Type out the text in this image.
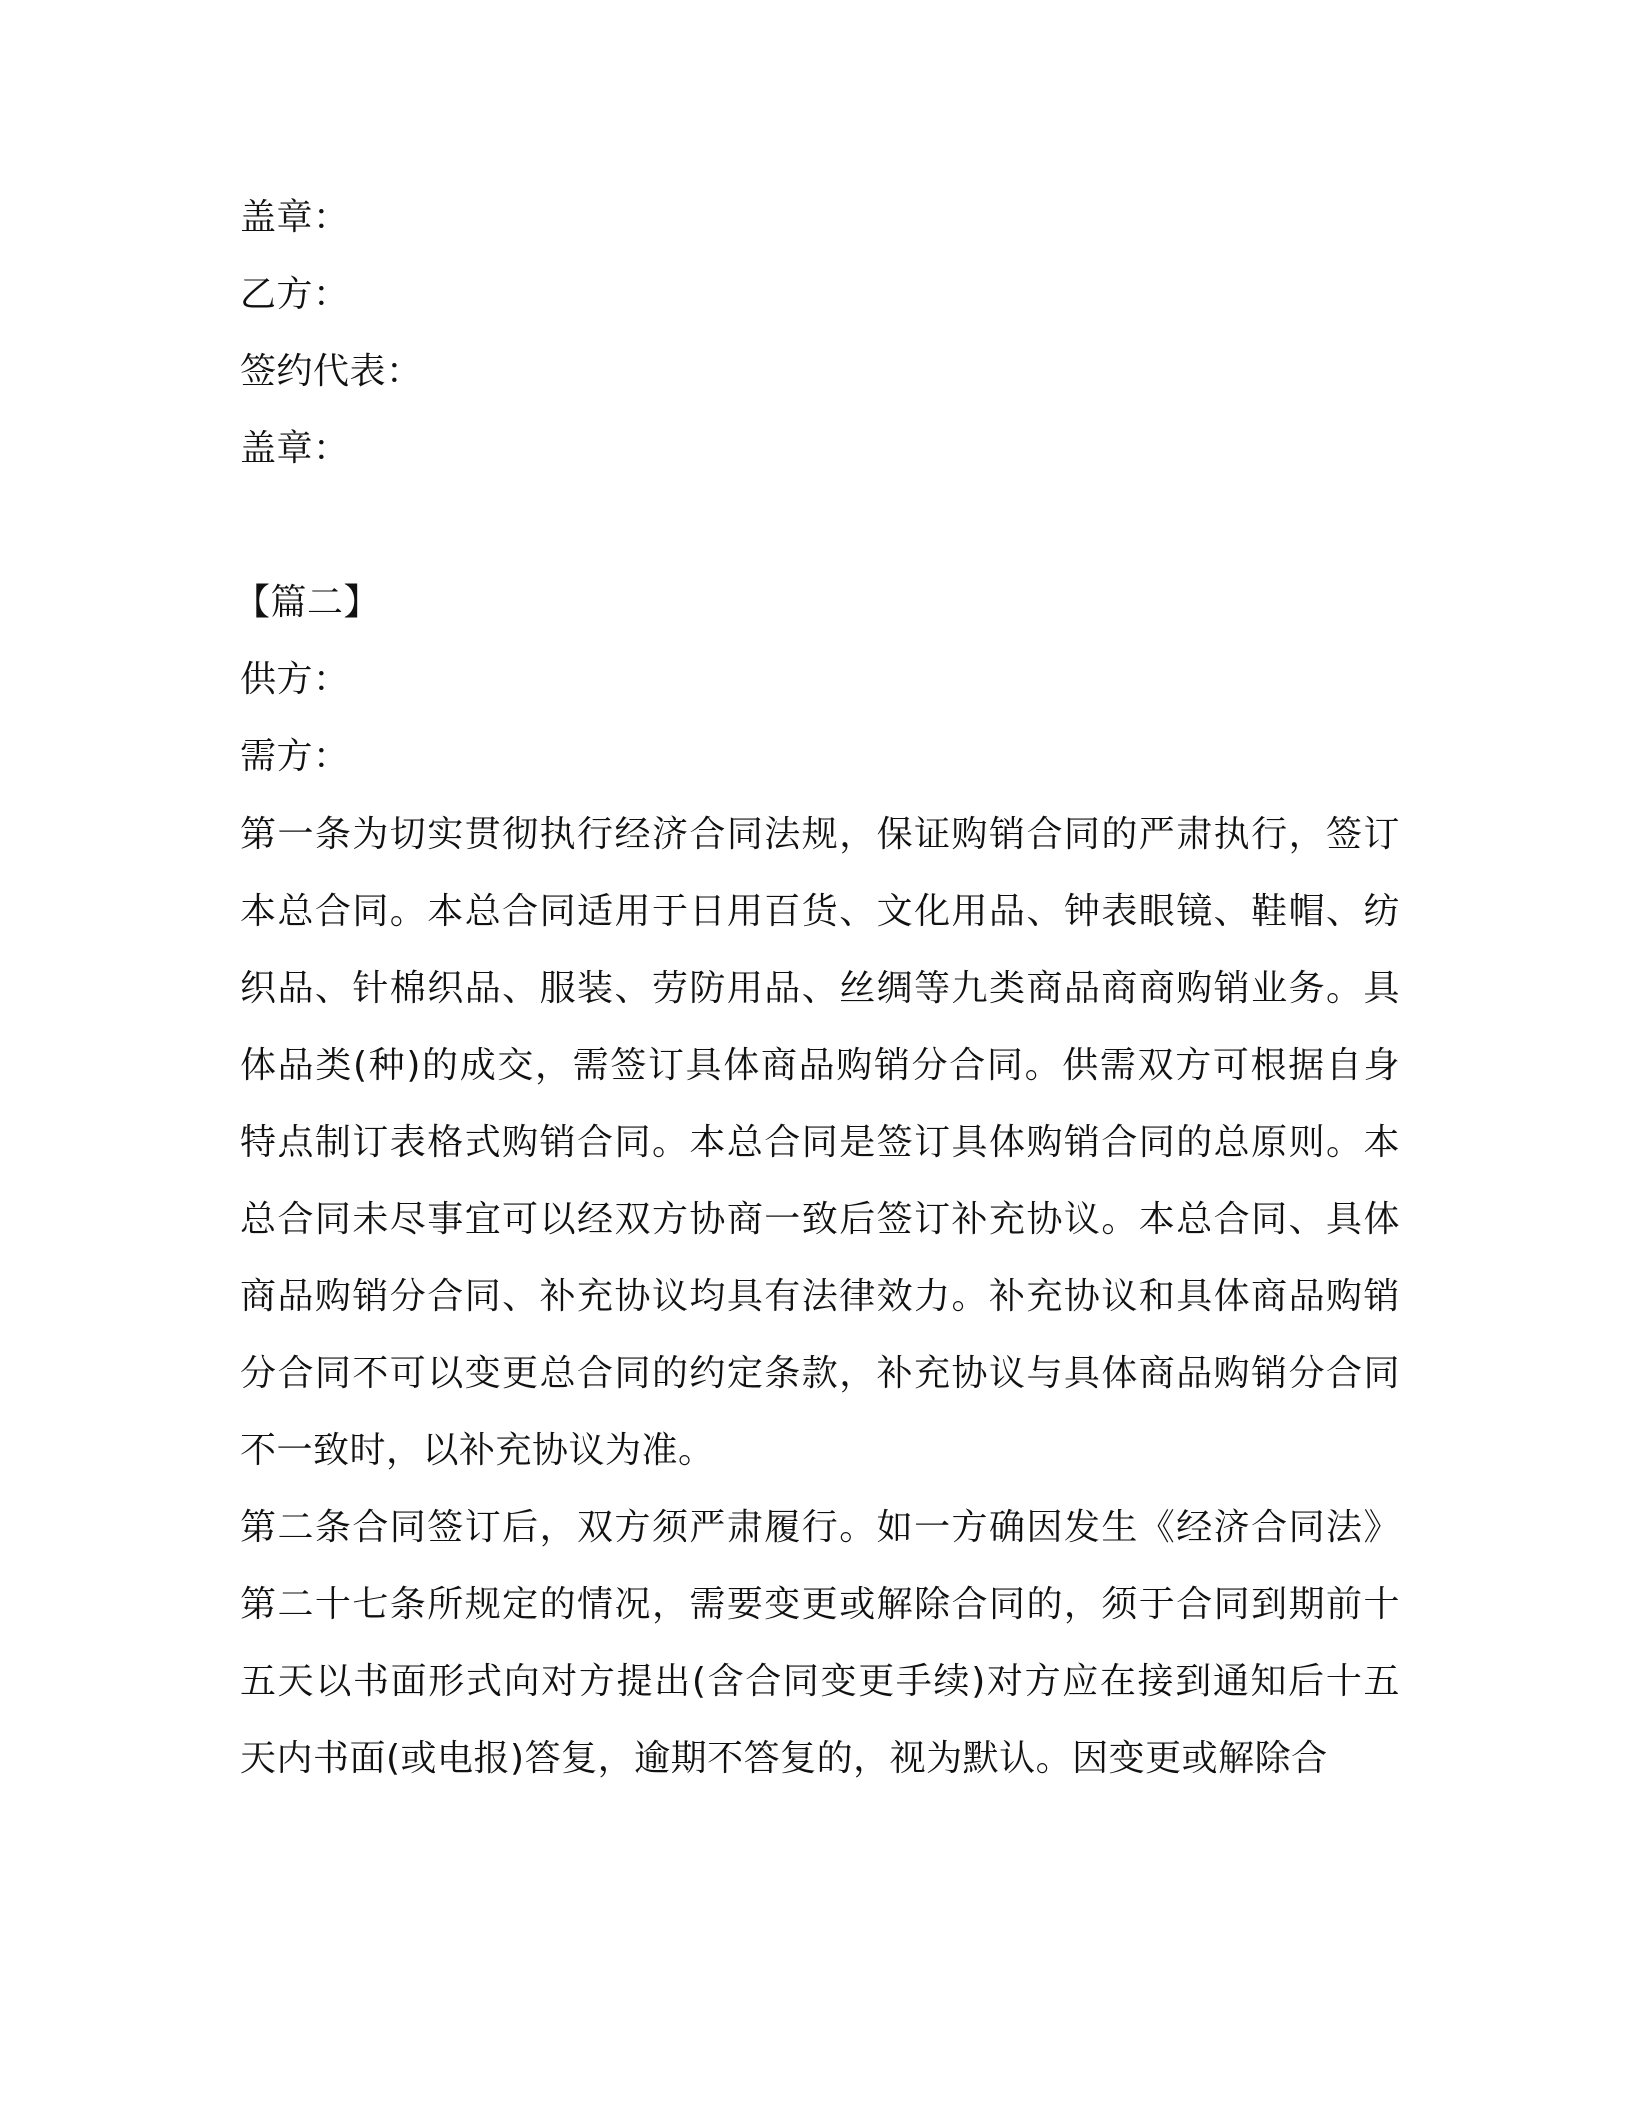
盖章：
乙方：
签约代表：
盖章：
【篇二】
供方：
需方：
第一条为切实贯彻执行经济合同法规，保证购销合同的严肃执行，签订本总合同。本总合同适用于日用百货、文化用品、钟表眼镜、鞋帽、纺织品、针棉织品、服装、劳防用品、丝绸等九类商品商商购销业务。具体品类(种)的成交，需签订具体商品购销分合同。供需双方可根据自身特点制订表格式购销合同。本总合同是签订具体购销合同的总原则。本总合同未尽事宜可以经双方协商一致后签订补充协议。本总合同、具体商品购销分合同、补充协议均具有法律效力。补充协议和具体商品购销分合同不可以变更总合同的约定条款，补充协议与具体商品购销分合同不一致时，以补充协议为准。
第二条合同签订后，双方须严肃履行。如一方确因发生《经济合同法》第二十七条所规定的情况，需要变更或解除合同的，须于合同到期前十五天以书面形式向对方提出(含合同变更手续)对方应在接到通知后十五天内书面(或电报)答复，逾期不答复的，视为默认。因变更或解除合
